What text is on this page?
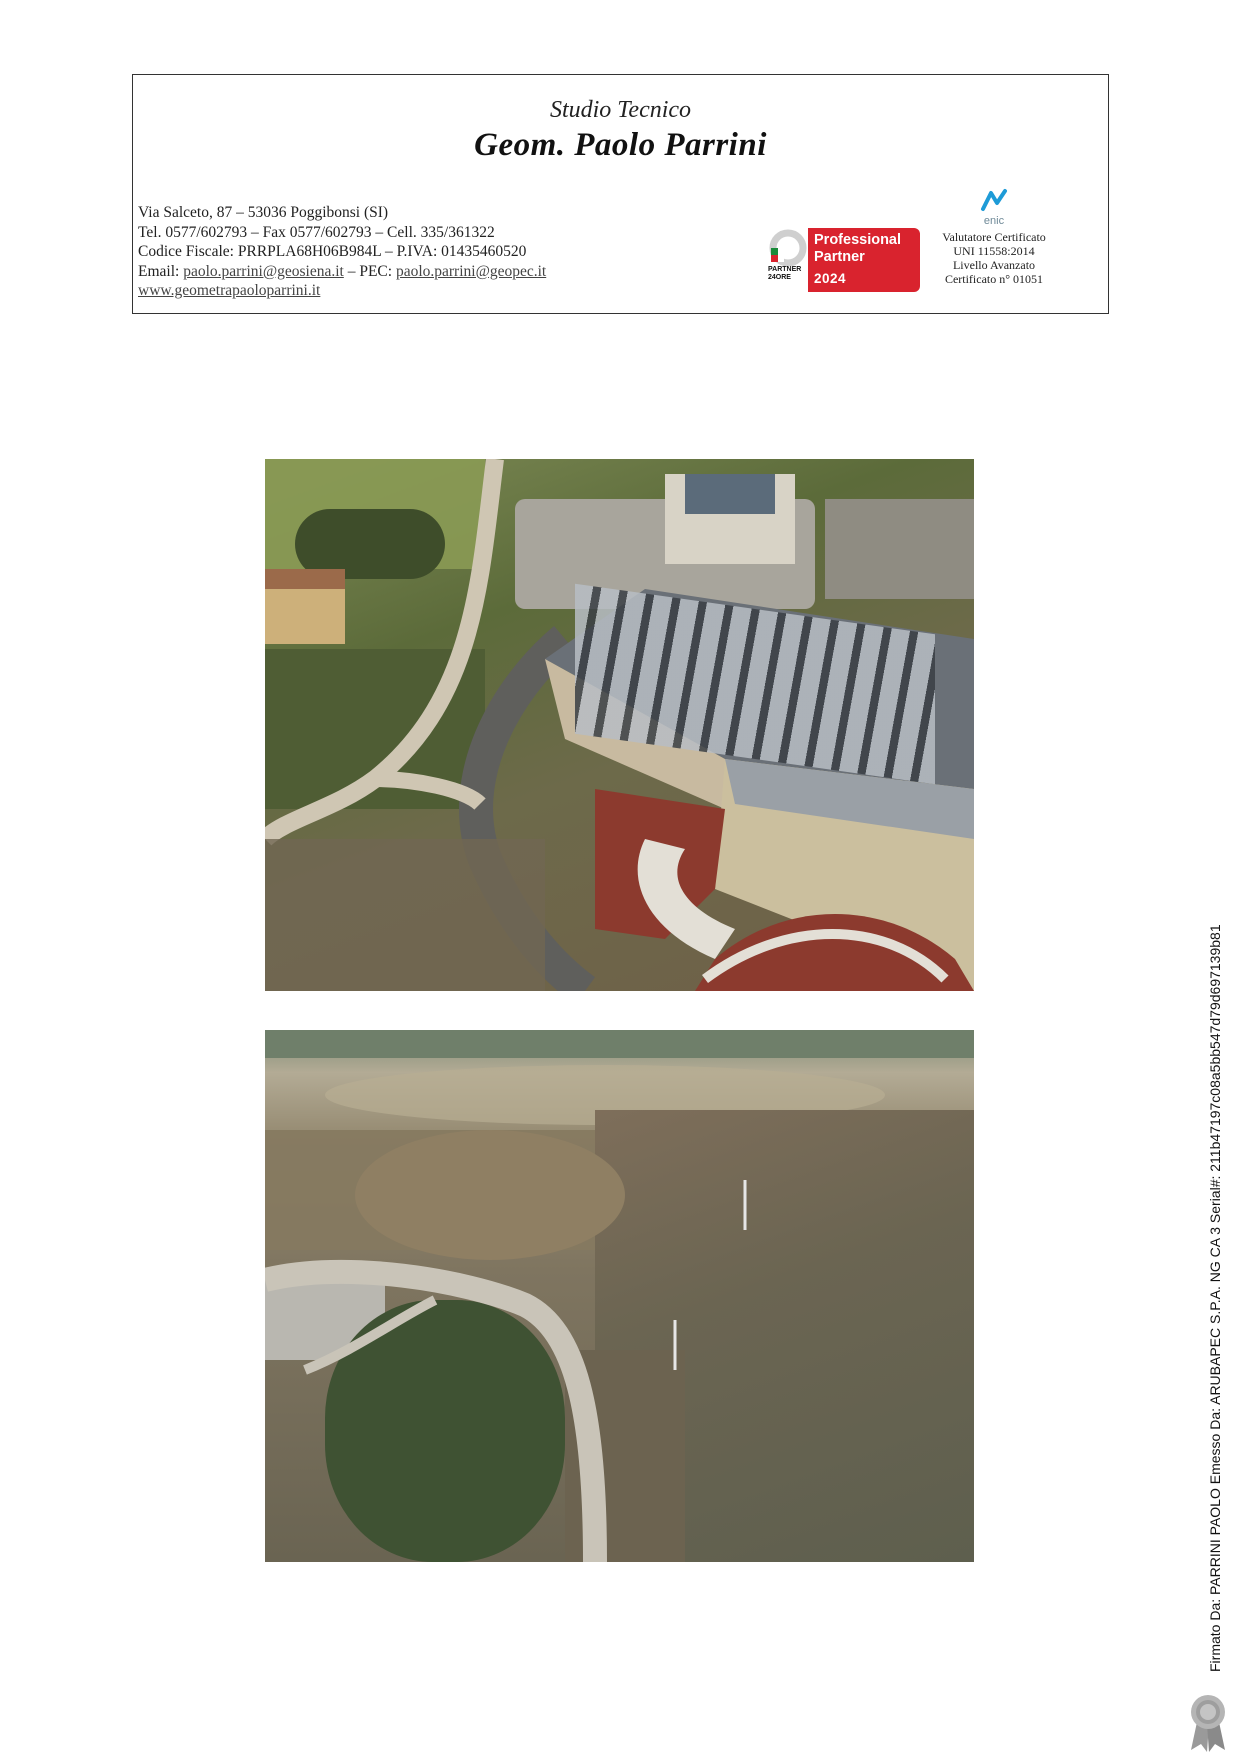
Studio Tecnico
Geom. Paolo Parrini
Via Salceto, 87 – 53036 Poggibonsi (SI)
Tel. 0577/602793 – Fax 0577/602793 – Cell. 335/361322
Codice Fiscale: PRRPLA68H06B984L – P.IVA: 01435460520
Email: paolo.parrini@geosiena.it – PEC: paolo.parrini@geopec.it
www.geometrapaoloparrini.it
PARTNER
24ORE
Professional
Partner
2024
enic
Valutatore Certificato
UNI 11558:2014
Livello Avanzato
Certificato n° 01051
Firmato Da: PARRINI PAOLO Emesso Da: ARUBAPEC S.P.A. NG CA 3 Serial#: 211b47197c08a5bb547d79d697139b81
